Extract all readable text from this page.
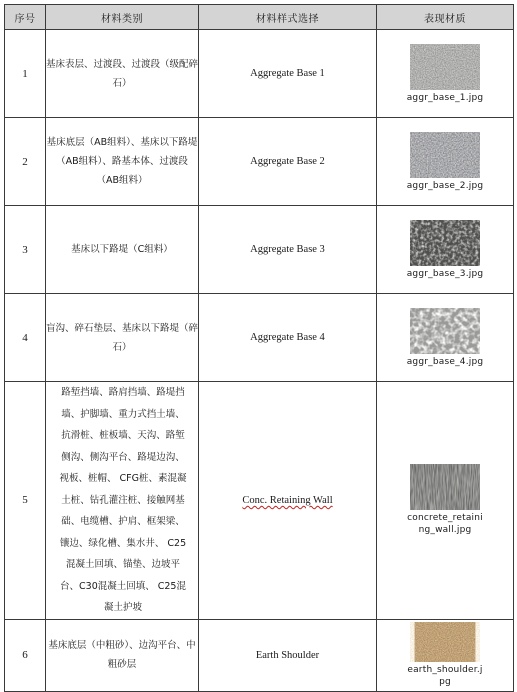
序号	材料类别	材料样式选择	表现材质
1	基床表层、过渡段、过渡段（级配碎石）	Aggregate Base 1	aggr_base_1.jpg

2	基床底层（AB组料）、基床以下路堤（AB组料）、路基本体、过渡段（AB组料）	Aggregate Base 2	aggr_base_2.jpg

3	基床以下路堤（C组料）	Aggregate Base 3	aggr_base_3.jpg

4	盲沟、碎石垫层、基床以下路堤（碎石）	Aggregate Base 4	aggr_base_4.jpg

5	路堑挡墙、路肩挡墙、路堤挡墙、护脚墙、重力式挡土墙、抗滑桩、桩板墙、天沟、路堑侧沟、侧沟平台、路堤边沟、视板、桩帽、 CFG桩、素混凝土桩、钻孔灌注桩、接触网基础、电缆槽、护肩、框架梁、镶边、绿化槽、集水井、 C25混凝土回填、锚垫、边坡平台、C30混凝土回填、 C25混凝土护坡	Conc. Retaining Wall	concrete_retaining_wall.jpg

6	基床底层（中粗砂）、边沟平台、中粗砂层	Earth Shoulder	earth_shoulder.jpg
